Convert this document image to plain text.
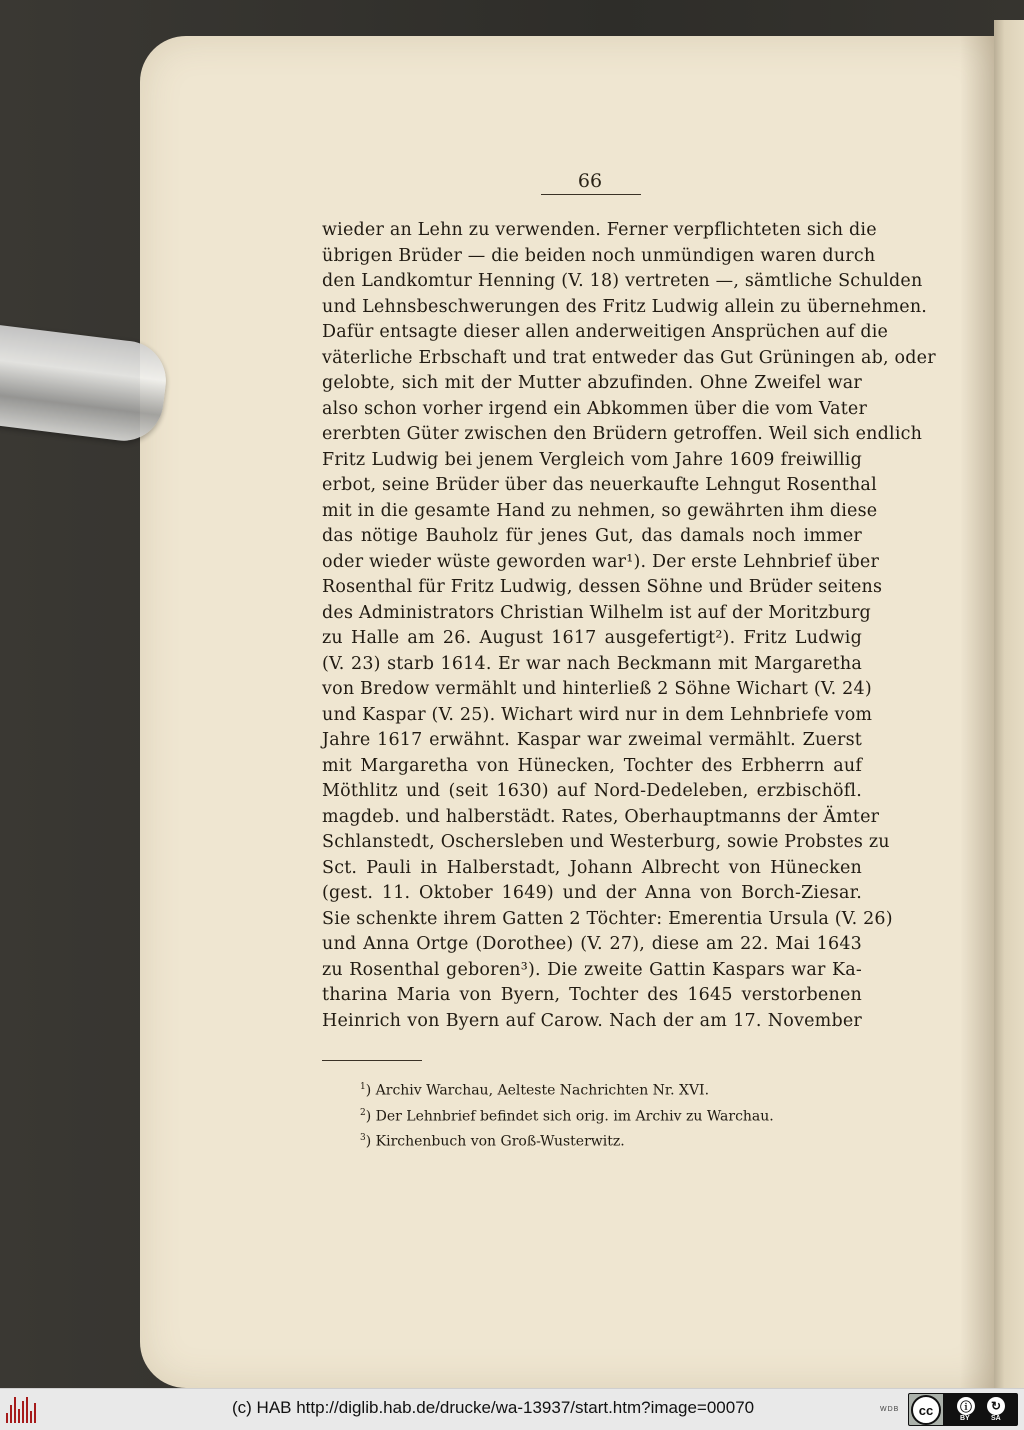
66
wieder an Lehn zu verwenden. Ferner verpflichteten sich die
übrigen Brüder — die beiden noch unmündigen waren durch
den Landkomtur Henning (V. 18) vertreten —, sämtliche Schulden
und Lehnsbeschwerungen des Fritz Ludwig allein zu übernehmen.
Dafür entsagte dieser allen anderweitigen Ansprüchen auf die
väterliche Erbschaft und trat entweder das Gut Grüningen ab, oder
gelobte, sich mit der Mutter abzufinden. Ohne Zweifel war
also schon vorher irgend ein Abkommen über die vom Vater
ererbten Güter zwischen den Brüdern getroffen. Weil sich endlich
Fritz Ludwig bei jenem Vergleich vom Jahre 1609 freiwillig
erbot, seine Brüder über das neuerkaufte Lehngut Rosenthal
mit in die gesamte Hand zu nehmen, so gewährten ihm diese
das nötige Bauholz für jenes Gut, das damals noch immer
oder wieder wüste geworden war¹). Der erste Lehnbrief über
Rosenthal für Fritz Ludwig, dessen Söhne und Brüder seitens
des Administrators Christian Wilhelm ist auf der Moritzburg
zu Halle am 26. August 1617 ausgefertigt²). Fritz Ludwig
(V. 23) starb 1614. Er war nach Beckmann mit Margaretha
von Bredow vermählt und hinterließ 2 Söhne Wichart (V. 24)
und Kaspar (V. 25). Wichart wird nur in dem Lehnbriefe vom
Jahre 1617 erwähnt. Kaspar war zweimal vermählt. Zuerst
mit Margaretha von Hünecken, Tochter des Erbherrn auf
Möthlitz und (seit 1630) auf Nord-Dedeleben, erzbischöfl.
magdeb. und halberstädt. Rates, Oberhauptmanns der Ämter
Schlanstedt, Oschersleben und Westerburg, sowie Probstes zu
Sct. Pauli in Halberstadt, Johann Albrecht von Hünecken
(gest. 11. Oktober 1649) und der Anna von Borch-Ziesar.
Sie schenkte ihrem Gatten 2 Töchter: Emerentia Ursula (V. 26)
und Anna Ortge (Dorothee) (V. 27), diese am 22. Mai 1643
zu Rosenthal geboren³). Die zweite Gattin Kaspars war Ka-
tharina Maria von Byern, Tochter des 1645 verstorbenen
Heinrich von Byern auf Carow. Nach der am 17. November
$^1$) Archiv Warchau, Aelteste Nachrichten Nr. XVI.
$^2$) Der Lehnbrief befindet sich orig. im Archiv zu Warchau.
$^3$) Kirchenbuch von Groß-Wusterwitz.
(c) HAB http://diglib.hab.de/drucke/wa-13937/start.htm?image=00070	WDB	cc	ⓘ
BY
↻
SA
